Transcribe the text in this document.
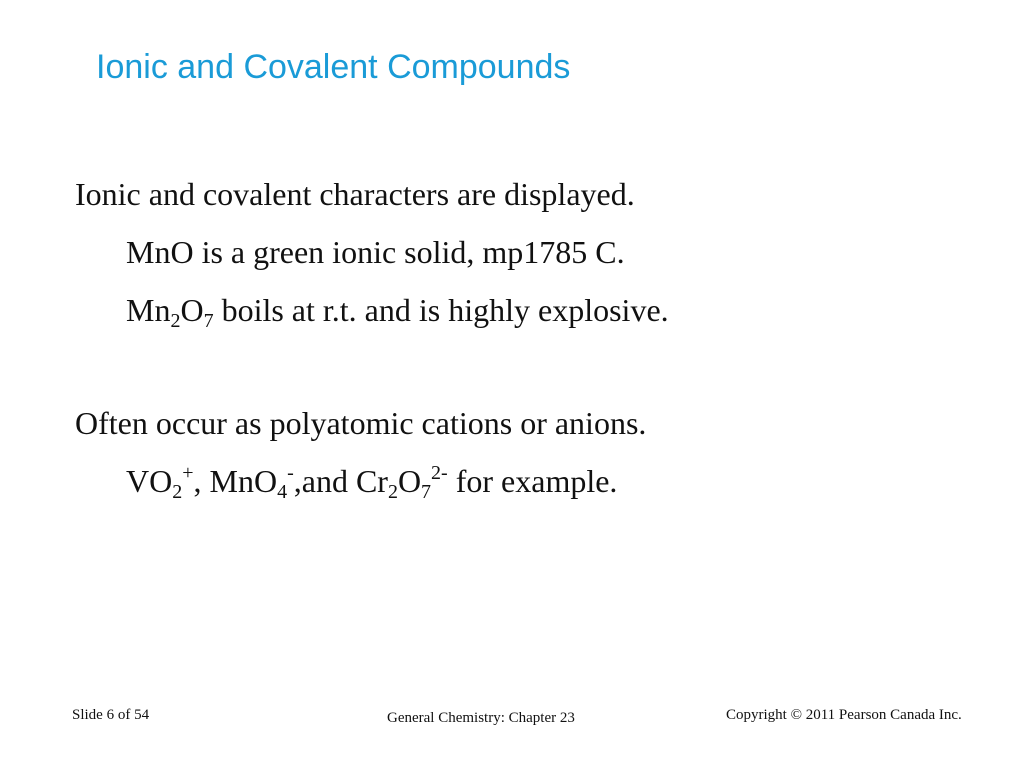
Ionic and Covalent Compounds
Ionic and covalent characters are displayed.
MnO is a green ionic solid, mp1785 C.
$Mn_2O_7$ boils at r.t. and is highly explosive.
Often occur as polyatomic cations or anions.
$VO_2^+$, MnO$_4$-,and $Cr_2O_7^{2-}$ for example.
Slide 6 of 54	General Chemistry: Chapter 23	Copyright © 2011 Pearson Canada Inc.
